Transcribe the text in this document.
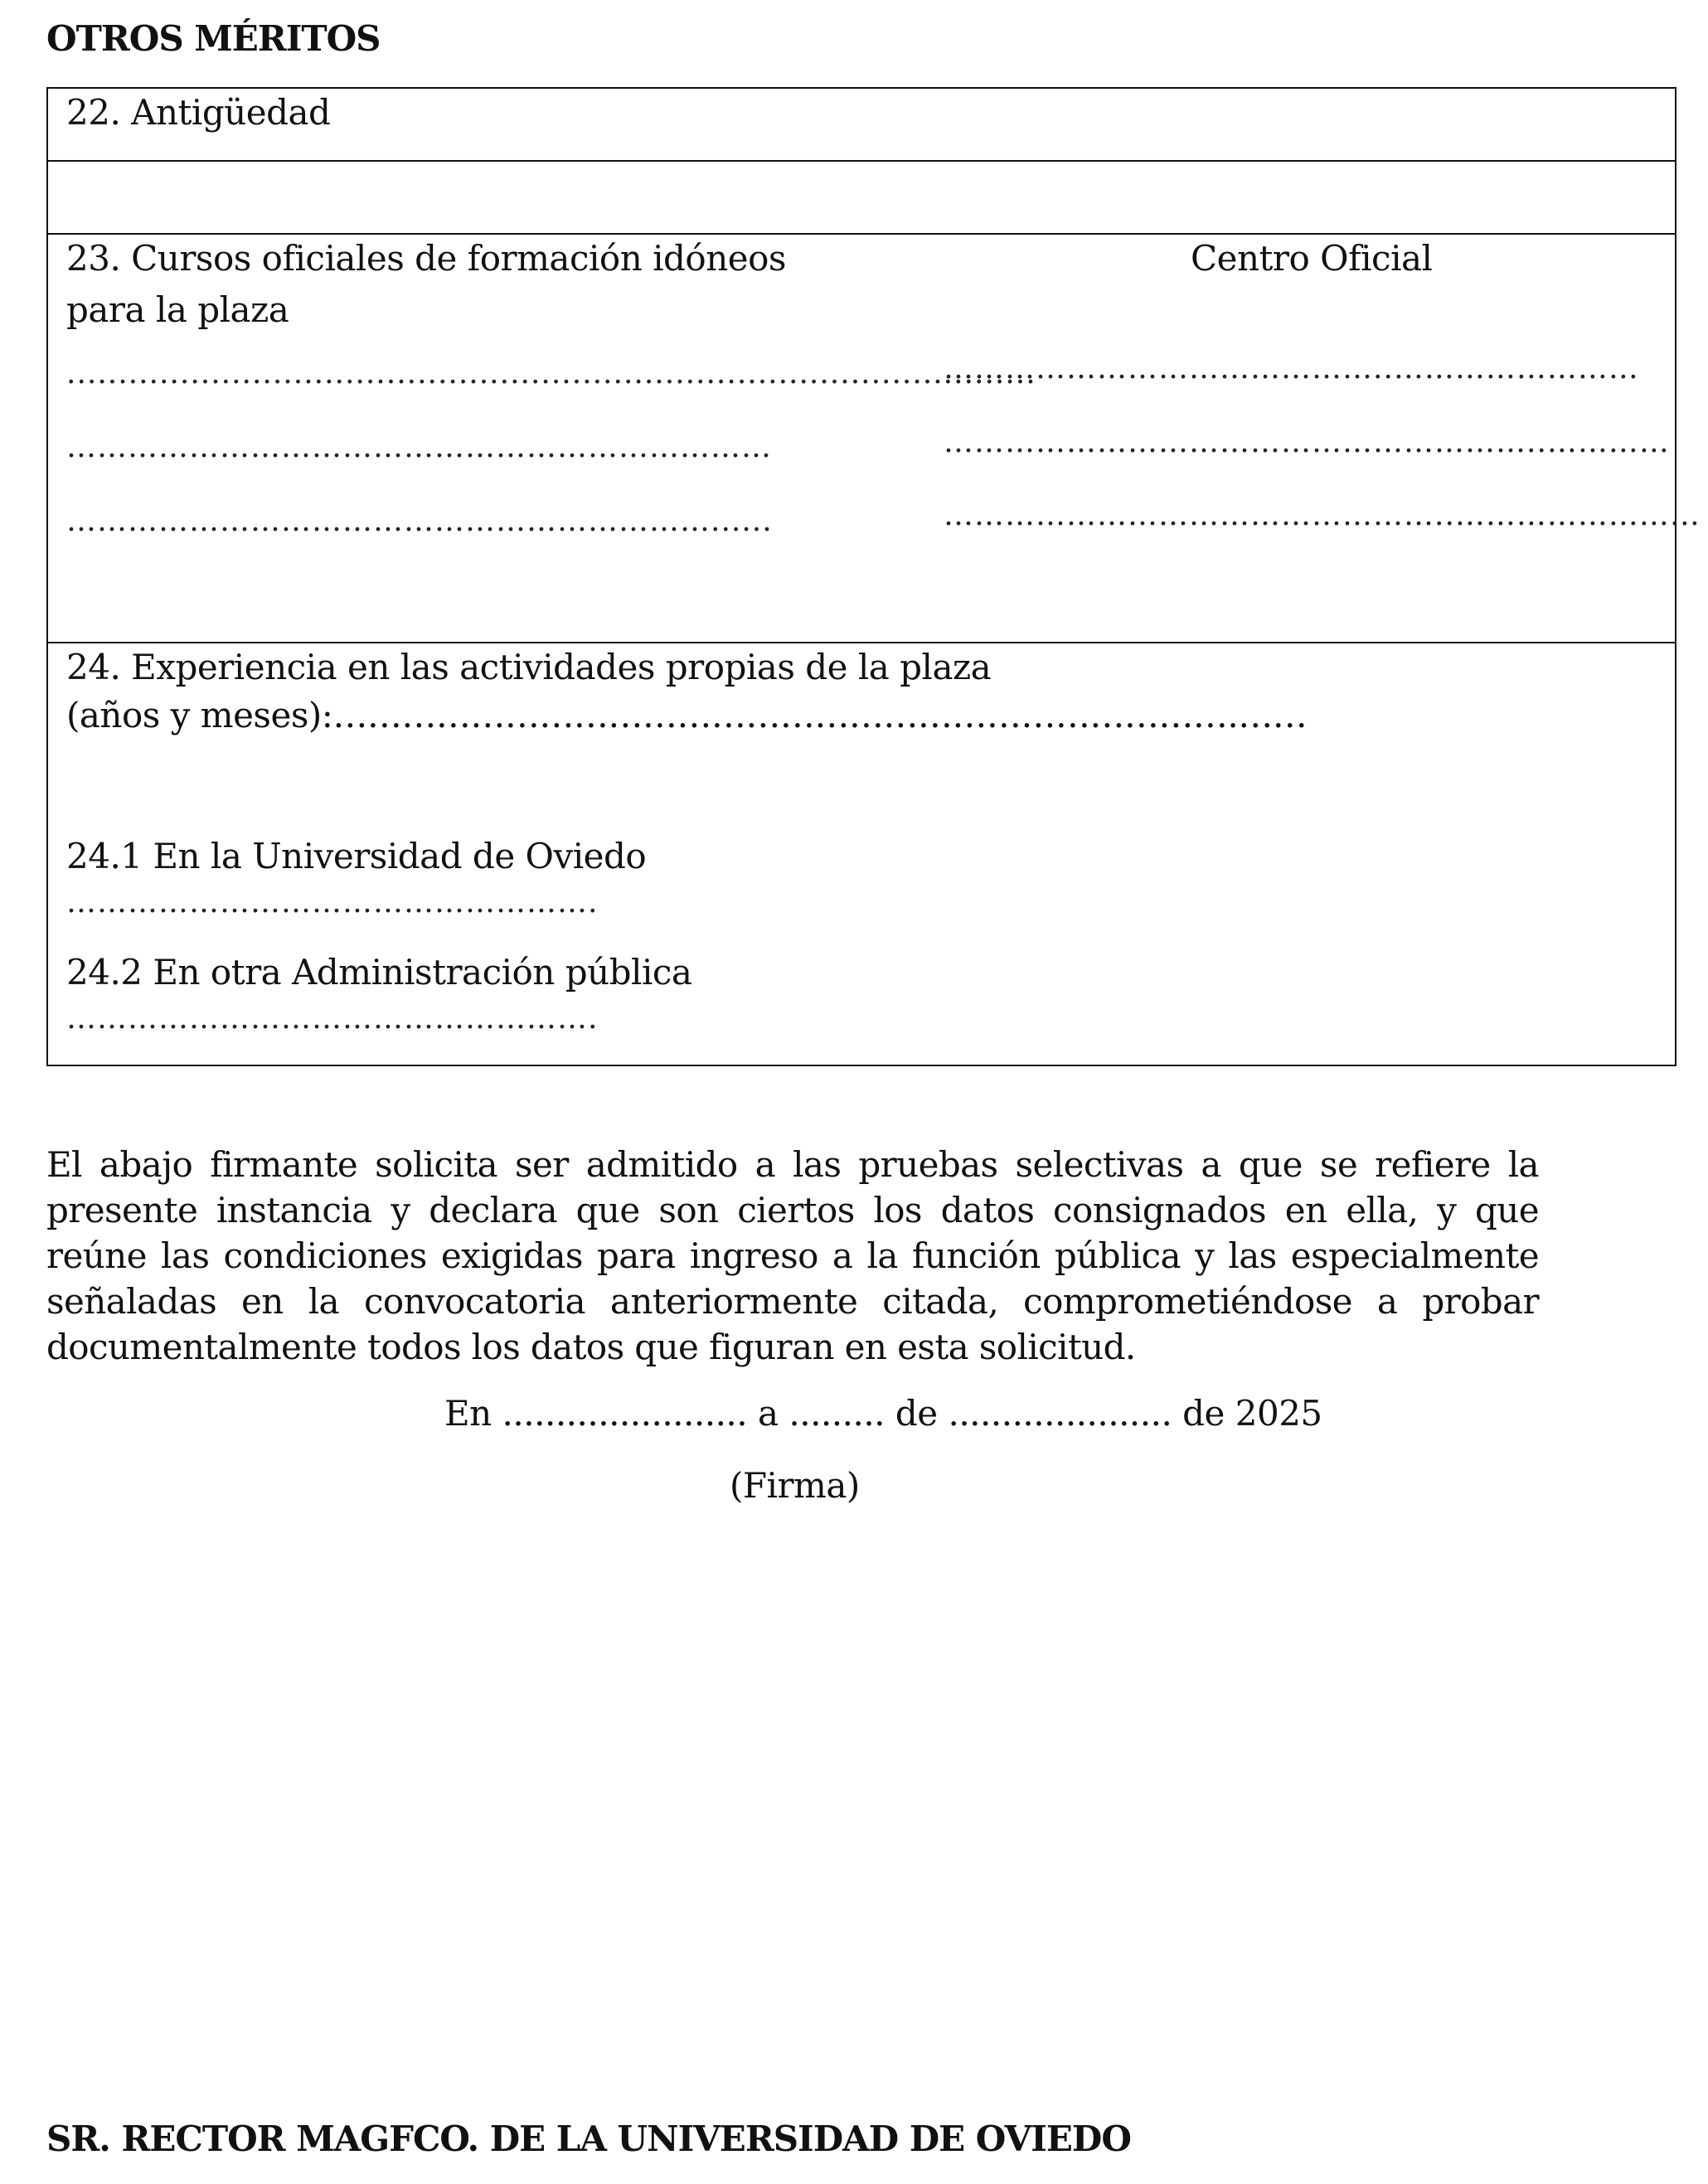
OTROS MÉRITOS
22. Antigüedad
23. Cursos oficiales de formación idóneos
para la plaza
Centro Oficial
..............................................................................................
……………………………………………………………
………………………………………………………......
……………………………………..……………………
…………………………………………………..…………
…………………………………………..……………………
24. Experiencia en las actividades propias de la plaza
(años y meses):…………………………………………………………………….……
24.1 En la Universidad de Oviedo
…………………………………………….
24.2 En otra Administración pública
…………………………………………….
El abajo firmante solicita ser admitido a las pruebas selectivas a que se refiere la presente instancia y declara que son ciertos los datos consignados en ella, y que reúne las condiciones exigidas para ingreso a la función pública y las especialmente señaladas en la convocatoria anteriormente citada, comprometiéndose a probar documentalmente todos los datos que figuran en esta solicitud.
En ....................... a ......... de ..................... de 2025
(Firma)
SR. RECTOR MAGFCO. DE LA UNIVERSIDAD DE OVIEDO
